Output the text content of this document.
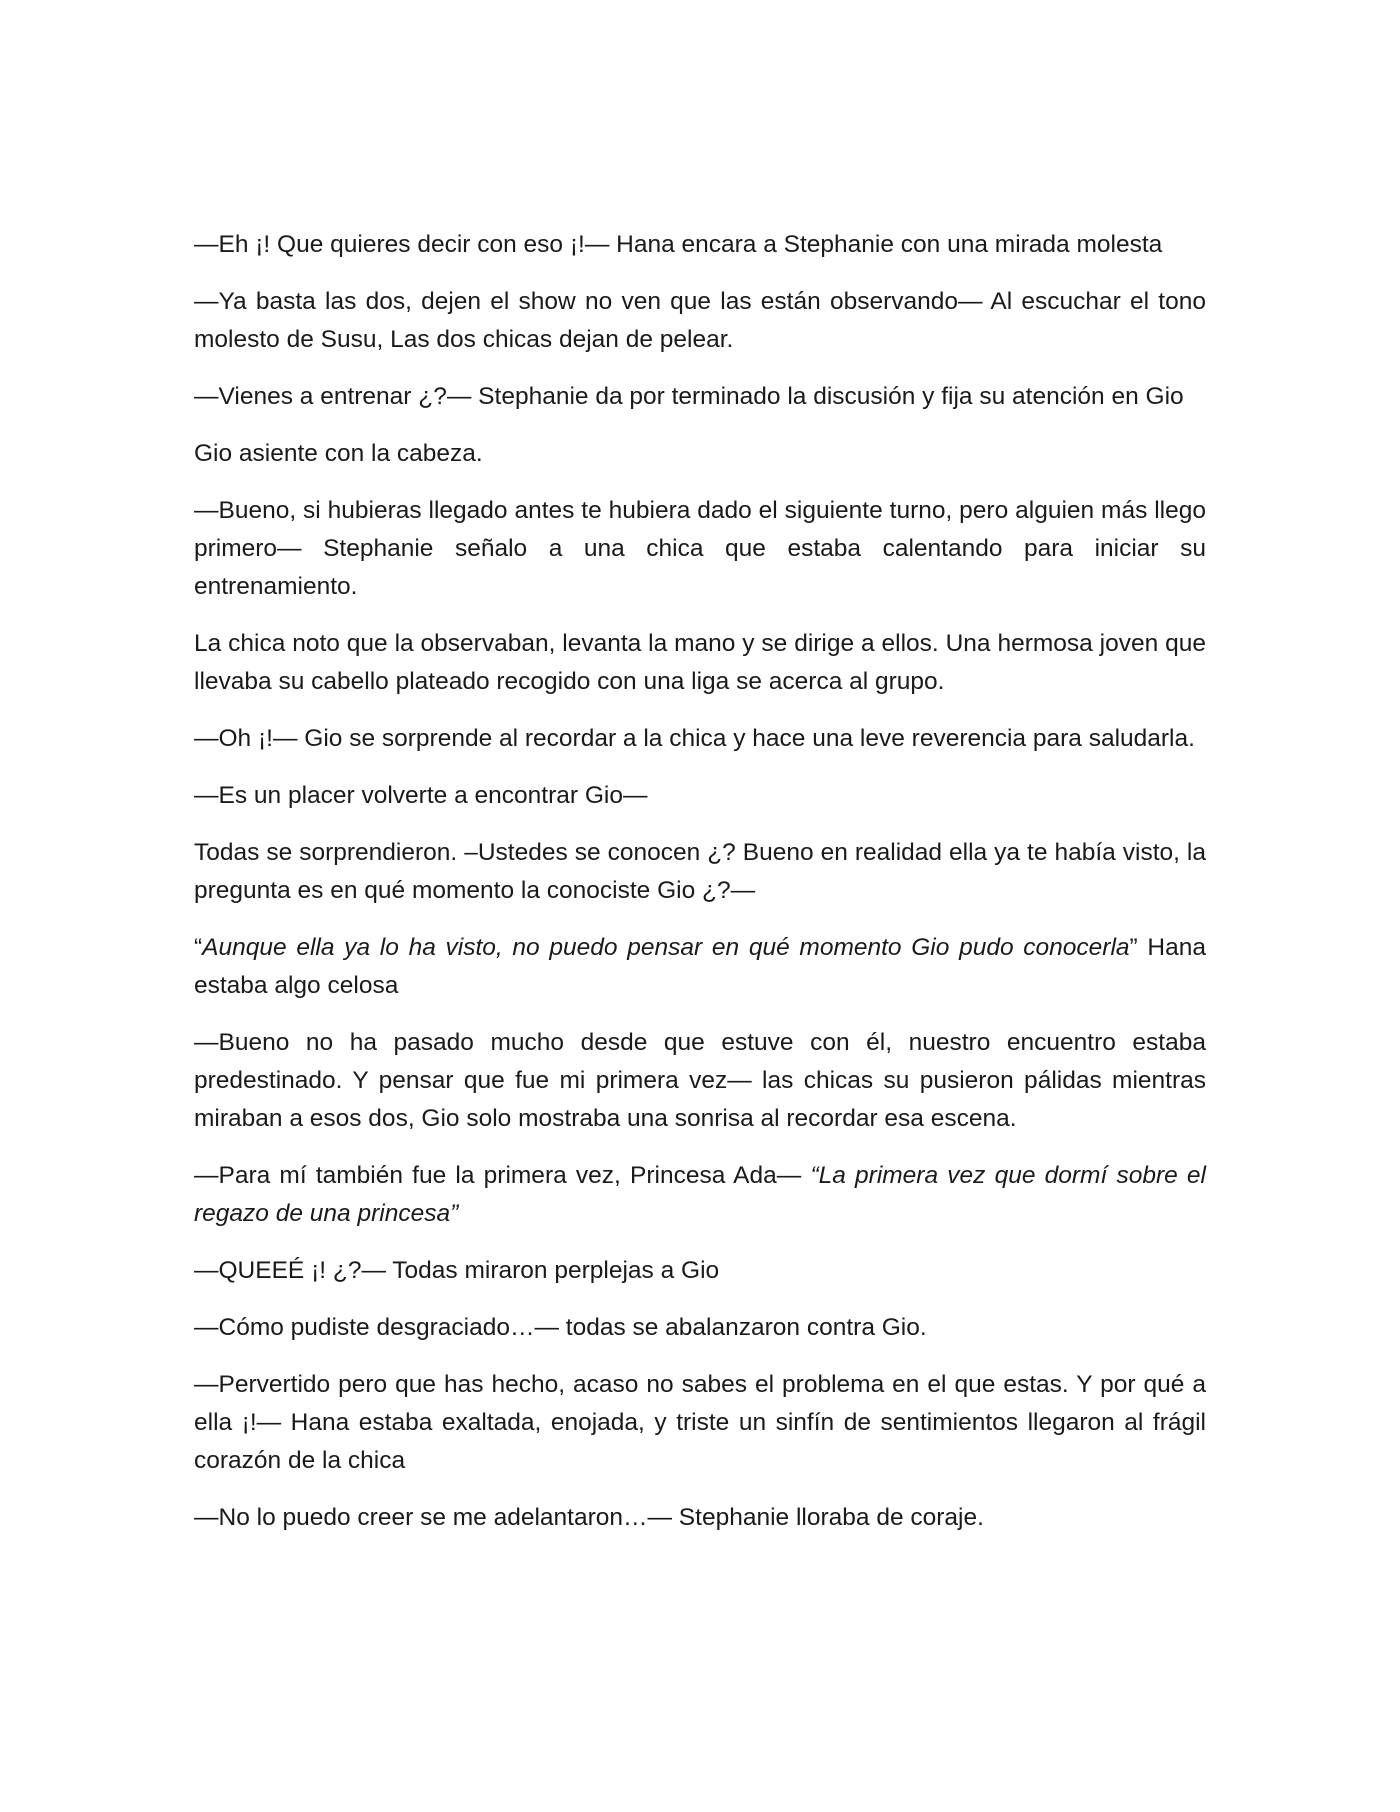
—Eh ¡! Que quieres decir con eso ¡!— Hana encara a Stephanie con una mirada molesta

—Ya basta las dos, dejen el show no ven que las están observando— Al escuchar el tono molesto de Susu, Las dos chicas dejan de pelear.

—Vienes a entrenar ¿?— Stephanie da por terminado la discusión y fija su atención en Gio

Gio asiente con la cabeza.

—Bueno, si hubieras llegado antes te hubiera dado el siguiente turno, pero alguien más llego primero— Stephanie señalo a una chica que estaba calentando para iniciar su entrenamiento.

La chica noto que la observaban, levanta la mano y se dirige a ellos. Una hermosa joven que llevaba su cabello plateado recogido con una liga se acerca al grupo.

—Oh ¡!— Gio se sorprende al recordar a la chica y hace una leve reverencia para saludarla.

—Es un placer volverte a encontrar Gio—

Todas se sorprendieron. –Ustedes se conocen ¿? Bueno en realidad ella ya te había visto, la pregunta es en qué momento la conociste Gio ¿?—

“Aunque ella ya lo ha visto, no puedo pensar en qué momento Gio pudo conocerla” Hana estaba algo celosa

—Bueno no ha pasado mucho desde que estuve con él, nuestro encuentro estaba predestinado. Y pensar que fue mi primera vez— las chicas su pusieron pálidas mientras miraban a esos dos, Gio solo mostraba una sonrisa al recordar esa escena.

—Para mí también fue la primera vez, Princesa Ada— “La primera vez que dormí sobre el regazo de una princesa”

—QUEEÉ ¡! ¿?— Todas miraron perplejas a Gio

—Cómo pudiste desgraciado…— todas se abalanzaron contra Gio.

—Pervertido pero que has hecho, acaso no sabes el problema en el que estas. Y por qué a ella ¡!— Hana estaba exaltada, enojada, y triste un sinfín de sentimientos llegaron al frágil corazón de la chica

—No lo puedo creer se me adelantaron…— Stephanie lloraba de coraje.
